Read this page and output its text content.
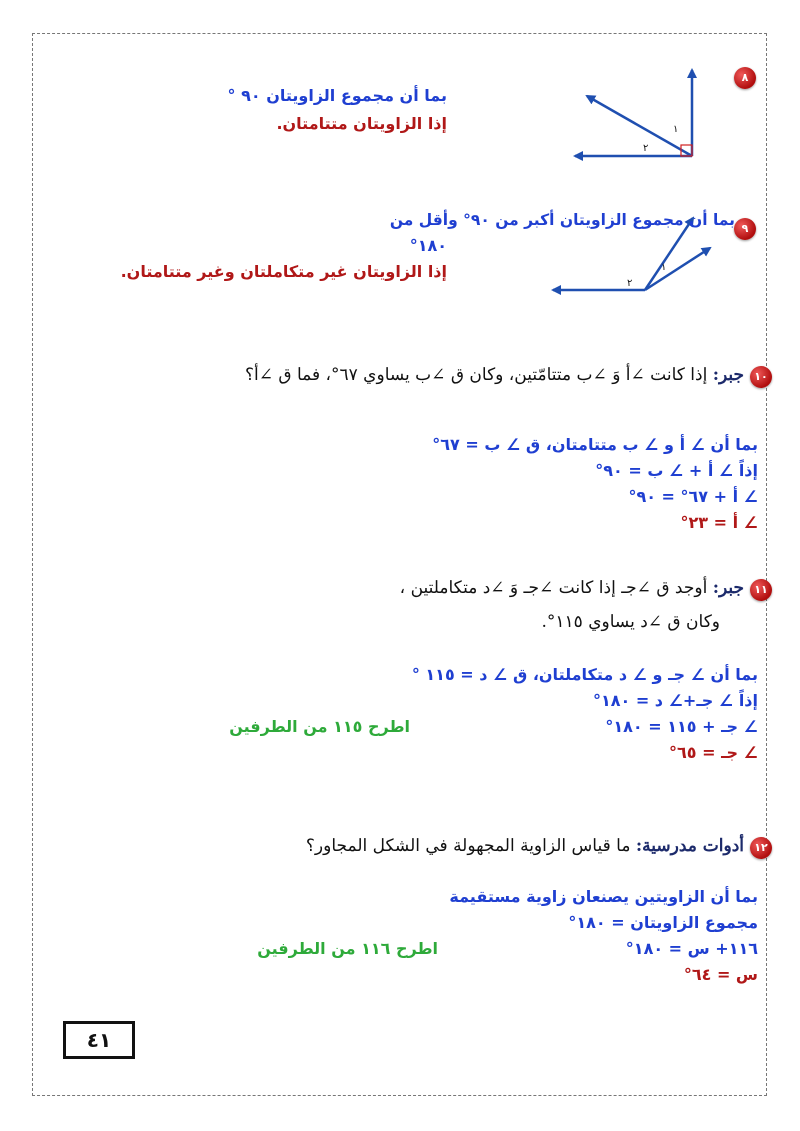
٨
١
٢
بما أن مجموع الزاويتان ٩٠ °
إذا الزاويتان متتامتان.
٩
١
٢
بما أن مجموع الزاويتان أكبر من ٩٠° وأقل من
°١٨٠
إذا الزاويتان غير متكاملتان وغير متتامتان.
١٠
جبر: إذا كانت ∠أ وَ ∠ب متتامّتين، وكان ق ∠ب يساوي ٦٧°، فما ق ∠أ؟
بما أن ∠ أ و ∠ ب متتامتان، ق ∠ ب = ٦٧°
إذاً ∠ أ + ∠ ب = ٩٠°
∠ أ + ٦٧° = ٩٠°
∠ أ = ٢٣°
١١
جبر: أوجد ق ∠جـ إذا كانت ∠جـ وَ ∠د متكاملتين ،
وكان ق ∠د يساوي ١١٥°.
بما أن ∠ جـ و ∠ د متكاملتان، ق ∠ د = ١١٥ °
إذاً ∠ جـ+∠ د = ١٨٠°
∠ جـ + ١١٥ = ١٨٠°
اطرح ١١٥ من الطرفين
∠ جـ = ٦٥°
١٢
أدوات مدرسية: ما قياس الزاوية المجهولة في الشكل المجاور؟
بما أن الزاويتين يصنعان زاوية مستقيمة
مجموع الزاويتان = ١٨٠°
١١٦+ س = ١٨٠°
اطرح ١١٦ من الطرفين
س = ٦٤°
٤١
